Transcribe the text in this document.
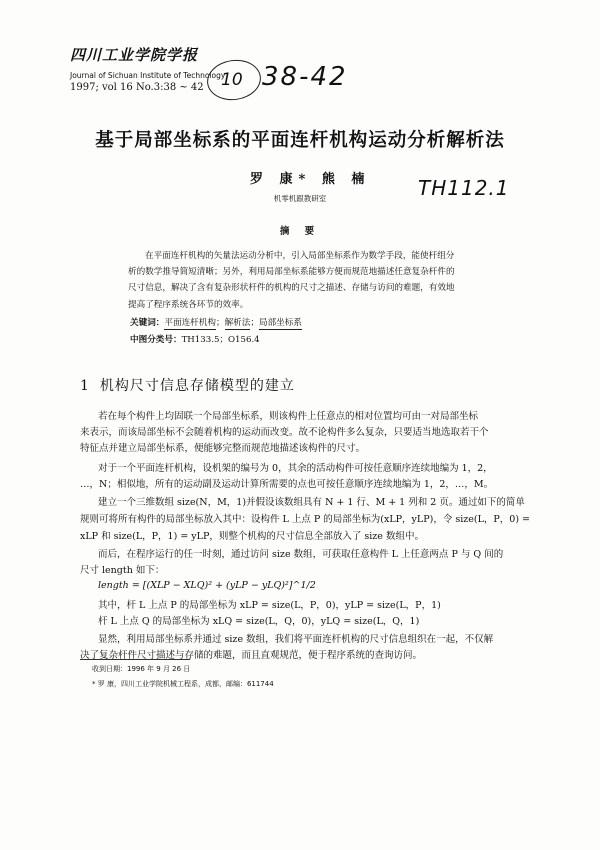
四川工业学院学报
Journal of Sichuan Institute of Technology
1997; vol 16 No.3:38 ~ 42	10 38-42
基于局部坐标系的平面连杆机构运动分析解析法
罗 康* 熊 楠 TH112.1
机零机跟教研室
摘 要
在平面连杆机构的矢量法运动分析中，引入局部坐标系作为数学手段，能使杆组分
析的数学推导简短清晰；另外，利用局部坐标系能够方便而规范地描述任意复杂杆件的
尺寸信息，解决了含有复杂形状杆件的机构的尺寸之描述、存储与访问的难题，有效地
提高了程序系统各环节的效率。
关键词：平面连杆机构；解析法；局部坐标系
中图分类号：TH133.5；O156.4
1 机构尺寸信息存储模型的建立
若在每个构件上均固联一个局部坐标系，则该构件上任意点的相对位置均可由一对局部坐标
来表示，而该局部坐标不会随着机构的运动而改变。故不论构件多么复杂，只要适当地选取若干个
特征点并建立局部坐标系，便能够完整而规范地描述该构件的尺寸。
对于一个平面连杆机构，设机架的编号为 0，其余的活动构件可按任意顺序连续地编为 1，2，
…，N；相似地，所有的运动副及运动计算所需要的点也可按任意顺序连续地编为 1，2，…，M。
建立一个三维数组 size(N，M，1)并假设该数组具有 N + 1 行、M + 1 列和 2 页。通过如下的简单
规则可将所有构件的局部坐标放入其中：设构件 L 上点 P 的局部坐标为(xLP，yLP)，令 size(L，P，0) =
xLP 和 size(L，P，1) = yLP，则整个机构的尺寸信息全部放入了 size 数组中。
而后，在程序运行的任一时刻，通过访问 size 数组，可获取任意构件 L 上任意两点 P 与 Q 间的
尺寸 length 如下：
length = [(XLP − XLQ)² + (yLP − yLQ)²]^1/2
其中，杆 L 上点 P 的局部坐标为 xLP = size(L，P，0)，yLP = size(L，P，1)
杆 L 上点 Q 的局部坐标为 xLQ = size(L，Q，0)，yLQ = size(L，Q，1)
显然，利用局部坐标系并通过 size 数组，我们将平面连杆机构的尺寸信息组织在一起，不仅解
决了复杂杆件尺寸描述与存储的难题，而且直观规范，便于程序系统的查询访问。
收到日期：1996 年 9 月 26 日
* 罗 康，四川工业学院机械工程系，成都，邮编：611744
